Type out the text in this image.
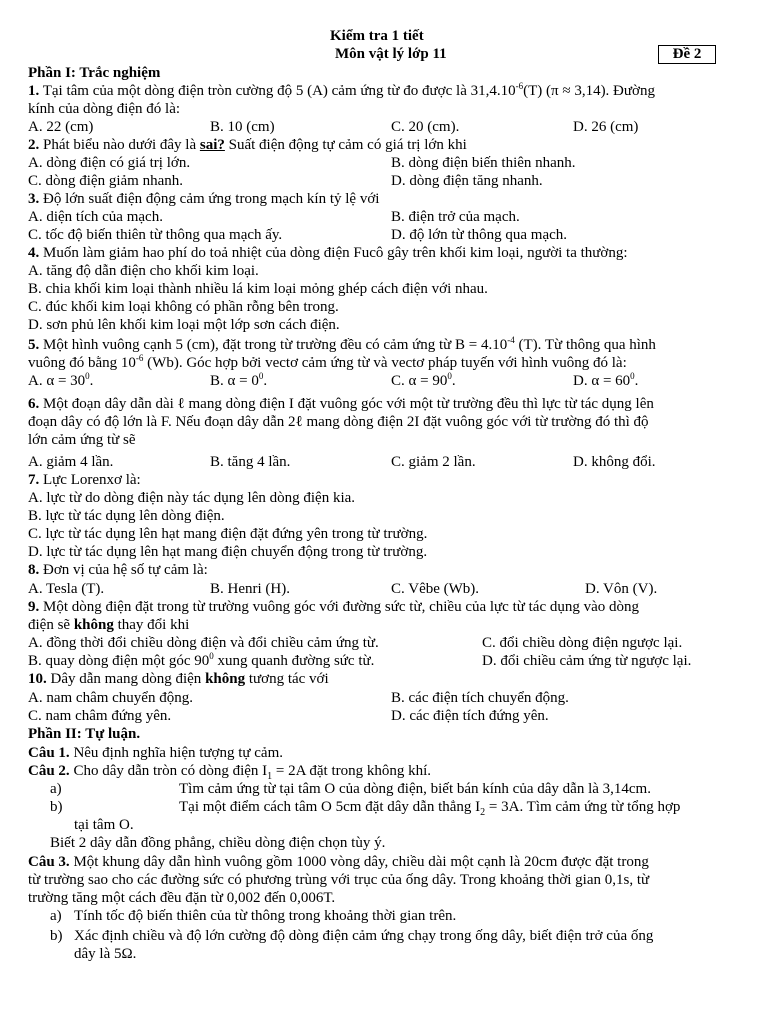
Kiểm tra 1 tiết
Môn vật lý lớp 11	Đề 2
Phần I: Trắc nghiệm
1. Tại tâm của một dòng điện tròn cường độ 5 (A) cảm ứng từ đo được là $31,4.10^{-6}(T) (\pi \approx 3,14)$. Đường
kính của dòng điện đó là:
A. 22 (cm)	B. 10 (cm)	C. 20 (cm).	D. 26 (cm)
2. Phát biểu nào dưới đây là sai? Suất điện động tự cảm có giá trị lớn khi
A. dòng điện có giá trị lớn.	B. dòng điện biến thiên nhanh.
C. dòng điện giảm nhanh.	D. dòng điện tăng nhanh.
3. Độ lớn suất điện động cảm ứng trong mạch kín tỷ lệ với
A. diện tích của mạch.	B. điện trở của mạch.
C. tốc độ biến thiên từ thông qua mạch ấy.	D. độ lớn từ thông qua mạch.
4. Muốn làm giảm hao phí do toả nhiệt của dòng điện Fucô gây trên khối kim loại, người ta thường:
A. tăng độ dẫn điện cho khối kim loại.
B. chia khối kim loại thành nhiều lá kim loại mỏng ghép cách điện với nhau.
C. đúc khối kim loại không có phần rỗng bên trong.
D. sơn phủ lên khối kim loại một lớp sơn cách điện.
5. Một hình vuông cạnh 5 (cm), đặt trong từ trường đều có cảm ứng từ $B = 4.10^{-4}$ (T). Từ thông qua hình
vuông đó bằng $10^{-6}$ (Wb). Góc hợp bởi vectơ cảm ứng từ và vectơ pháp tuyến với hình vuông đó là:
A. $\alpha = 30^0$.	B. $\alpha = 0^0$.	C. $\alpha = 90^0$.	D. $\alpha = 60^0$.
6. Một đoạn dây dẫn dài ℓ mang dòng điện I đặt vuông góc với một từ trường đều thì lực từ tác dụng lên
đoạn dây có độ lớn là F. Nếu đoạn dây dẫn 2ℓ mang dòng điện 2I đặt vuông góc với từ trường đó thì độ
lớn cảm ứng từ sẽ
A. giảm 4 lần.	B. tăng 4 lần.	C. giảm 2 lần.	D. không đổi.
7. Lực Lorenxơ là:
A. lực từ do dòng điện này tác dụng lên dòng điện kia.
B. lực từ tác dụng lên dòng điện.
C. lực từ tác dụng lên hạt mang điện đặt đứng yên trong từ trường.
D. lực từ tác dụng lên hạt mang điện chuyển động trong từ trường.
8. Đơn vị của hệ số tự cảm là:
A. Tesla (T).	B. Henri (H).	C. Vêbe (Wb).	D. Vôn (V).
9. Một dòng điện đặt trong từ trường vuông góc với đường sức từ, chiều của lực từ tác dụng vào dòng
điện sẽ không thay đổi khi
A. đồng thời đổi chiều dòng điện và đổi chiều cảm ứng từ.	C. đổi chiều dòng điện ngược lại.
B. quay dòng điện một góc $90^0$ xung quanh đường sức từ.	D. đổi chiều cảm ứng từ ngược lại.
10. Dây dẫn mang dòng điện không tương tác với
A. nam châm chuyển động.	B. các điện tích chuyển động.
C. nam châm đứng yên.	D. các điện tích đứng yên.
Phần II: Tự luận.
Câu 1. Nêu định nghĩa hiện tượng tự cảm.
Câu 2. Cho dây dẫn tròn có dòng điện $I_1 = 2A$ đặt trong không khí.
a)	Tìm cảm ứng từ tại tâm O của dòng điện, biết bán kính của dây dẫn là 3,14cm.
b)	Tại một điểm cách tâm O 5cm đặt dây dẫn thẳng $I_2 = 3A$. Tìm cảm ứng từ tổng hợp
tại tâm O.
Biết 2 dây dẫn đồng phẳng, chiều dòng điện chọn tùy ý.
Câu 3. Một khung dây dẫn hình vuông gồm 1000 vòng dây, chiều dài một cạnh là 20cm được đặt trong
từ trường sao cho các đường sức có phương trùng với trục của ống dây. Trong khoảng thời gian 0,1s, từ
trường tăng một cách đều đặn từ 0,002 đến 0,006T.
a) Tính tốc độ biến thiên của từ thông trong khoảng thời gian trên.
b) Xác định chiều và độ lớn cường độ dòng điện cảm ứng chạy trong ống dây, biết điện trở của ống
dây là 5Ω.
